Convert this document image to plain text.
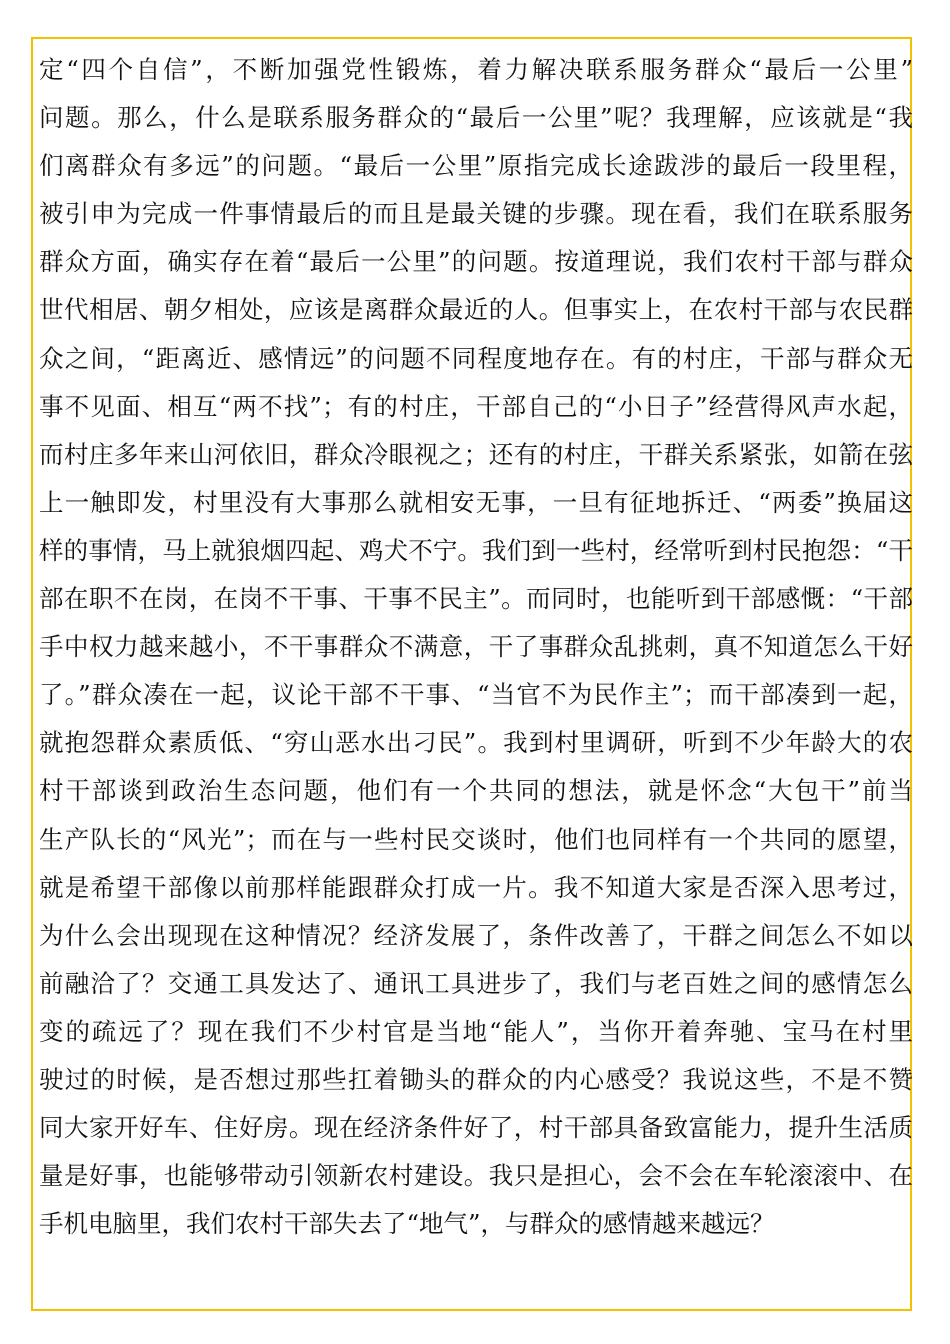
定“四个自信”，不断加强党性锻炼，着力解决联系服务群众“最后一公里”
问题。那么，什么是联系服务群众的“最后一公里”呢？我理解，应该就是“我
们离群众有多远”的问题。“最后一公里”原指完成长途跋涉的最后一段里程，
被引申为完成一件事情最后的而且是最关键的步骤。现在看，我们在联系服务
群众方面，确实存在着“最后一公里”的问题。按道理说，我们农村干部与群众
世代相居、朝夕相处，应该是离群众最近的人。但事实上，在农村干部与农民群
众之间，“距离近、感情远”的问题不同程度地存在。有的村庄，干部与群众无
事不见面、相互“两不找”；有的村庄，干部自己的“小日子”经营得风声水起，
而村庄多年来山河依旧，群众冷眼视之；还有的村庄，干群关系紧张，如箭在弦
上一触即发，村里没有大事那么就相安无事，一旦有征地拆迁、“两委”换届这
样的事情，马上就狼烟四起、鸡犬不宁。我们到一些村，经常听到村民抱怨：“干
部在职不在岗，在岗不干事、干事不民主”。而同时，也能听到干部感慨：“干部
手中权力越来越小，不干事群众不满意，干了事群众乱挑刺，真不知道怎么干好
了。”群众凑在一起，议论干部不干事、“当官不为民作主”；而干部凑到一起，
就抱怨群众素质低、“穷山恶水出刁民”。我到村里调研，听到不少年龄大的农
村干部谈到政治生态问题，他们有一个共同的想法，就是怀念“大包干”前当
生产队长的“风光”；而在与一些村民交谈时，他们也同样有一个共同的愿望，
就是希望干部像以前那样能跟群众打成一片。我不知道大家是否深入思考过，
为什么会出现现在这种情况？经济发展了，条件改善了，干群之间怎么不如以
前融洽了？交通工具发达了、通讯工具进步了，我们与老百姓之间的感情怎么
变的疏远了？现在我们不少村官是当地“能人”，当你开着奔驰、宝马在村里
驶过的时候，是否想过那些扛着锄头的群众的内心感受？我说这些，不是不赞
同大家开好车、住好房。现在经济条件好了，村干部具备致富能力，提升生活质
量是好事，也能够带动引领新农村建设。我只是担心，会不会在车轮滚滚中、在
手机电脑里，我们农村干部失去了“地气”，与群众的感情越来越远？
